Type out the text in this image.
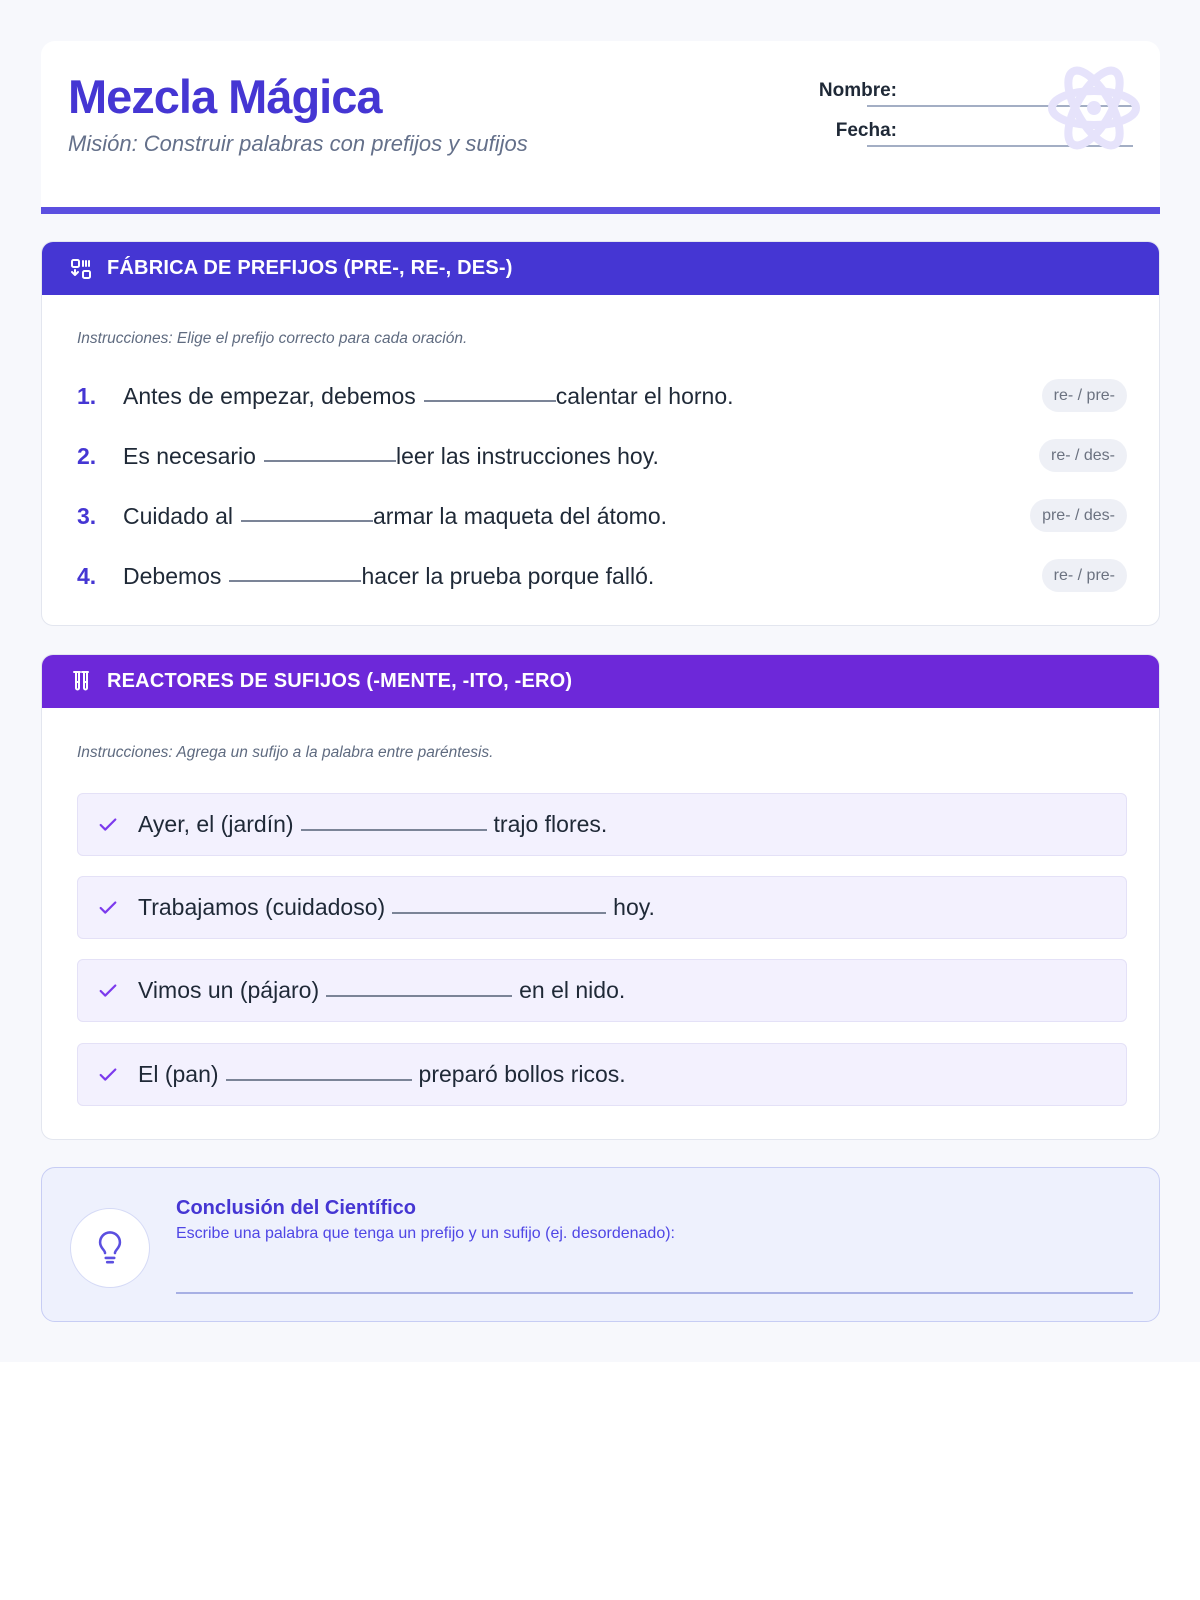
Mezcla Mágica
Misión: Construir palabras con prefijos y sufijos
Nombre:
Fecha:
FÁBRICA DE PREFIJOS (PRE-, RE-, DES-)
Instrucciones: Elige el prefijo correcto para cada oración.
1.	Antes de empezar, debemos	calentar el horno.	re- / pre-
2.	Es necesario	leer las instrucciones hoy.	re- / des-
3.	Cuidado al	armar la maqueta del átomo.	pre- / des-
4.	Debemos	hacer la prueba porque falló.	re- / pre-
REACTORES DE SUFIJOS (-MENTE, -ITO, -ERO)
Instrucciones: Agrega un sufijo a la palabra entre paréntesis.
Ayer, el (jardín)	trajo flores.
Trabajamos (cuidadoso)	hoy.
Vimos un (pájaro)	en el nido.
El (pan)	preparó bollos ricos.
Conclusión del Científico
Escribe una palabra que tenga un prefijo y un sufijo (ej. desordenado):
